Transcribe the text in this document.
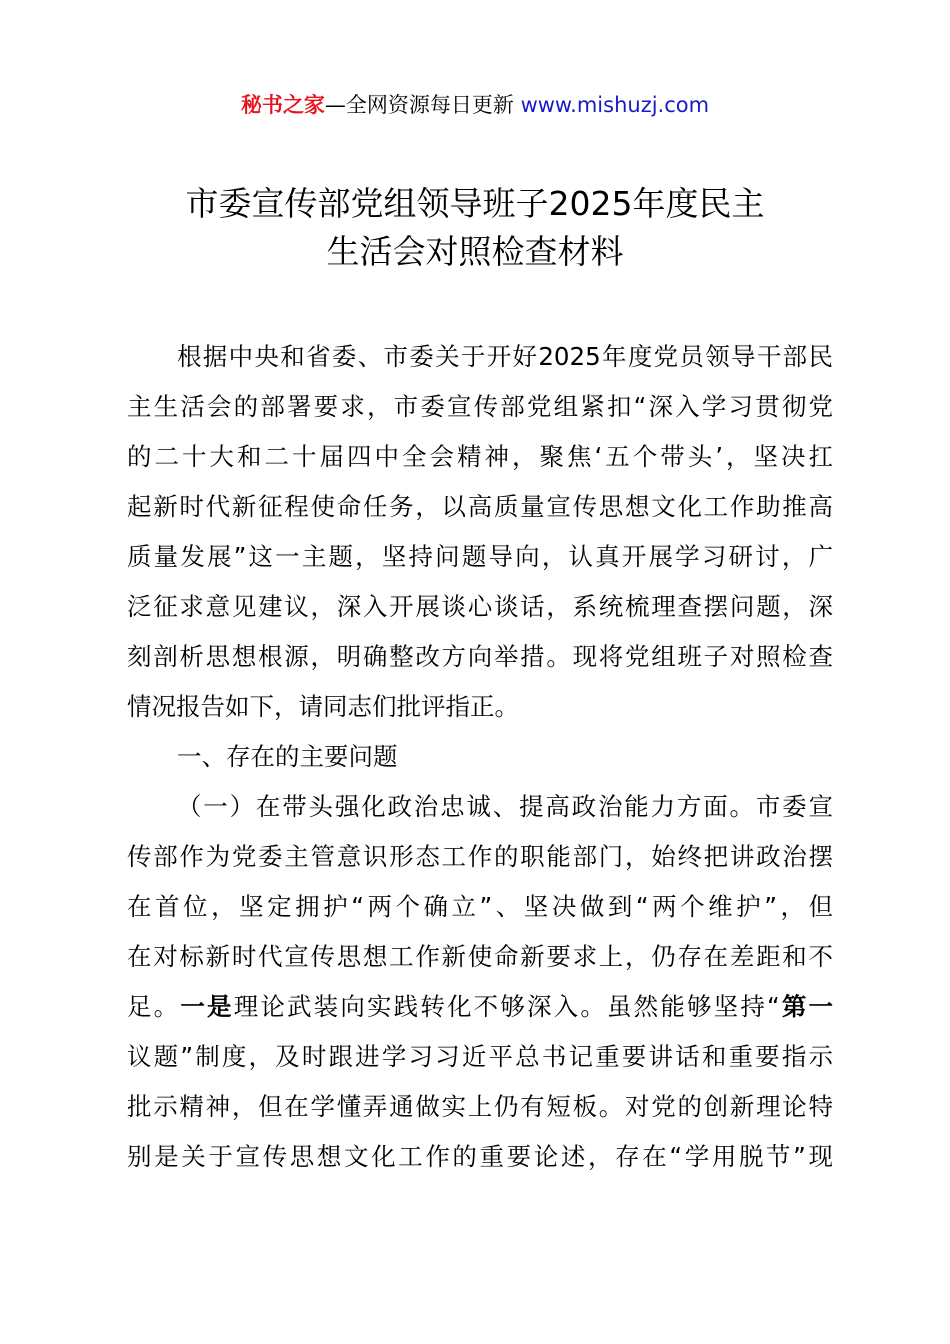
秘书之家—全网资源每日更新 www.mishuzj.com
市委宣传部党组领导班子2025年度民主
生活会对照检查材料
根据中央和省委、市委关于开好2025年度党员领导干部民
主生活会的部署要求，市委宣传部党组紧扣“深入学习贯彻党
的二十大和二十届四中全会精神，聚焦‘五个带头’，坚决扛
起新时代新征程使命任务，以高质量宣传思想文化工作助推高
质量发展”这一主题，坚持问题导向，认真开展学习研讨，广
泛征求意见建议，深入开展谈心谈话，系统梳理查摆问题，深
刻剖析思想根源，明确整改方向举措。现将党组班子对照检查
情况报告如下，请同志们批评指正。
一、存在的主要问题
（一）在带头强化政治忠诚、提高政治能力方面。市委宣
传部作为党委主管意识形态工作的职能部门，始终把讲政治摆
在首位，坚定拥护“两个确立”、坚决做到“两个维护”，但
在对标新时代宣传思想工作新使命新要求上，仍存在差距和不
足。一是理论武装向实践转化不够深入。虽然能够坚持“第一
议题”制度，及时跟进学习习近平总书记重要讲话和重要指示
批示精神，但在学懂弄通做实上仍有短板。对党的创新理论特
别是关于宣传思想文化工作的重要论述，存在“学用脱节”现
